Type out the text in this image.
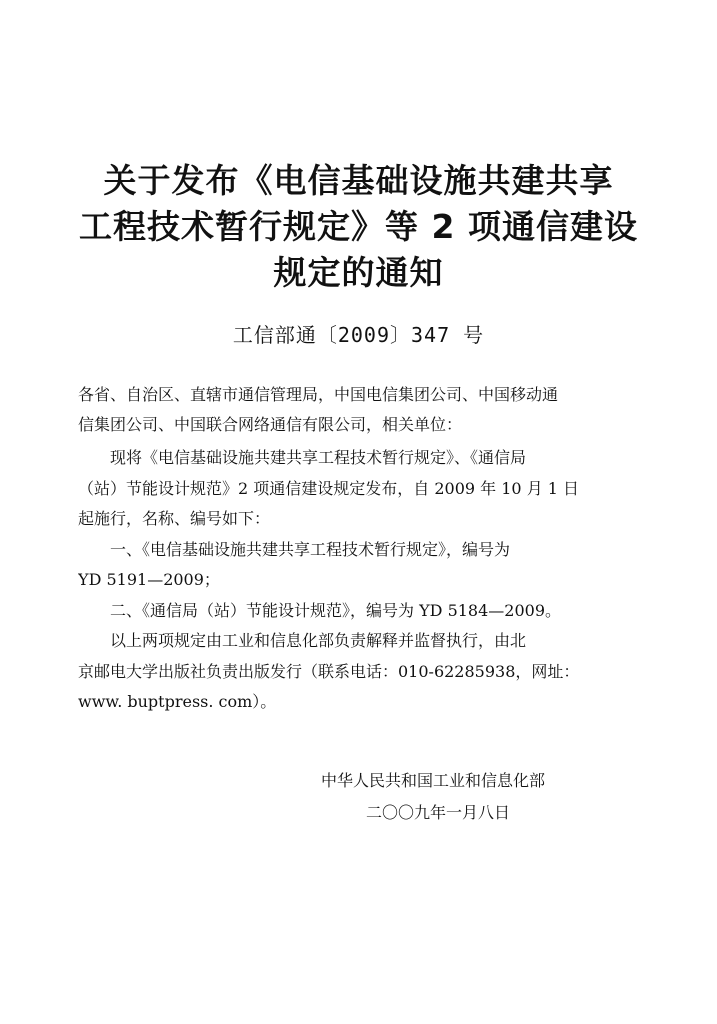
关于发布《电信基础设施共建共享
工程技术暂行规定》等 2 项通信建设
规定的通知
工信部通〔2009〕347 号
各省、自治区、直辖市通信管理局，中国电信集团公司、中国移动通
信集团公司、中国联合网络通信有限公司，相关单位：
现将《电信基础设施共建共享工程技术暂行规定》、《通信局
（站）节能设计规范》2 项通信建设规定发布，自 2009 年 10 月 1 日
起施行，名称、编号如下：
一、《电信基础设施共建共享工程技术暂行规定》，编号为
YD 5191—2009；
二、《通信局（站）节能设计规范》，编号为 YD 5184—2009。
以上两项规定由工业和信息化部负责解释并监督执行，由北
京邮电大学出版社负责出版发行（联系电话：010-62285938，网址：
www. buptpress. com）。
中华人民共和国工业和信息化部
二〇〇九年一月八日
